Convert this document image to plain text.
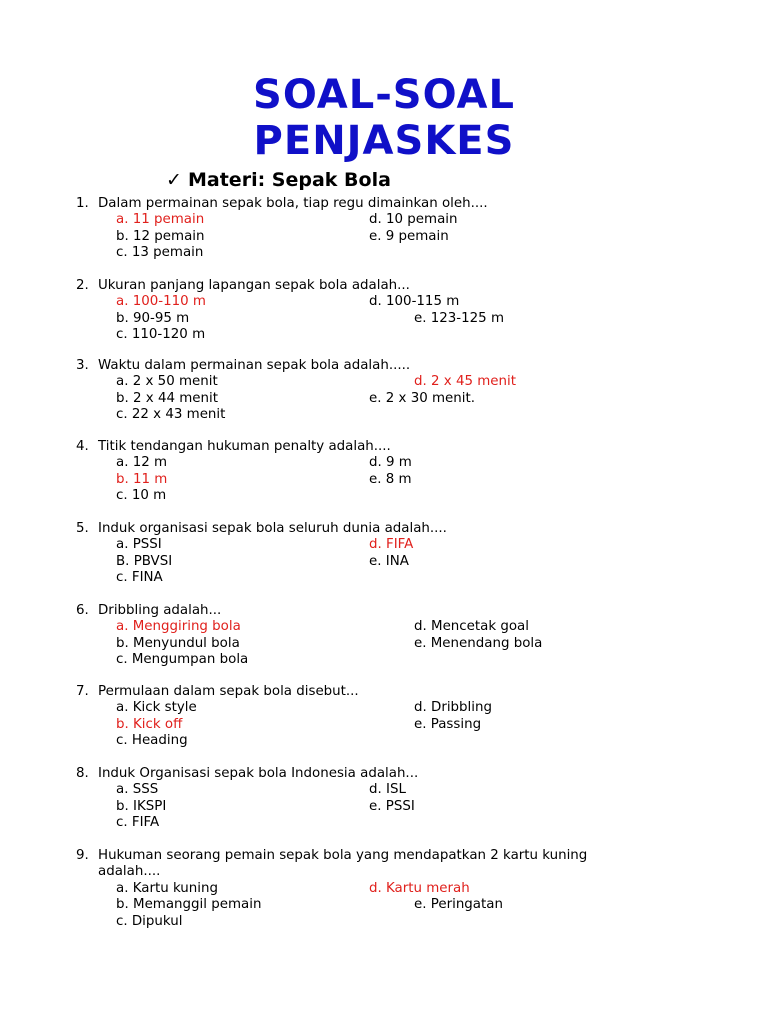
SOAL-SOAL
PENJASKES
✓ Materi: Sepak Bola
1. Dalam permainan sepak bola, tiap regu dimainkan oleh....
a. 11 pemain
b. 12 pemain
c. 13 pemain
d. 10 pemain
e. 9 pemain
2. Ukuran panjang lapangan sepak bola adalah...
a. 100-110 m
b. 90-95 m
c. 110-120 m
d. 100-115 m
e. 123-125 m
3. Waktu dalam permainan sepak bola adalah.....
a. 2 x 50 menit
b. 2 x 44 menit
c. 22 x 43 menit
d. 2 x 45 menit
e. 2 x 30 menit.
4. Titik tendangan hukuman penalty adalah....
a. 12 m
b. 11 m
c. 10 m
d. 9 m
e. 8 m
5. Induk organisasi sepak bola seluruh dunia adalah....
a. PSSI
B. PBVSI
c. FINA
d. FIFA
e. INA
6. Dribbling adalah...
a. Menggiring bola
b. Menyundul bola
c. Mengumpan bola
d. Mencetak goal
e. Menendang bola
7. Permulaan dalam sepak bola disebut...
a. Kick style
b. Kick off
c. Heading
d. Dribbling
e. Passing
8. Induk Organisasi sepak bola Indonesia adalah...
a. SSS
b. IKSPI
c. FIFA
d. ISL
e. PSSI
9. Hukuman seorang pemain sepak bola yang mendapatkan 2 kartu kuning
adalah....
a. Kartu kuning
b. Memanggil pemain
c. Dipukul
d. Kartu merah
e. Peringatan
